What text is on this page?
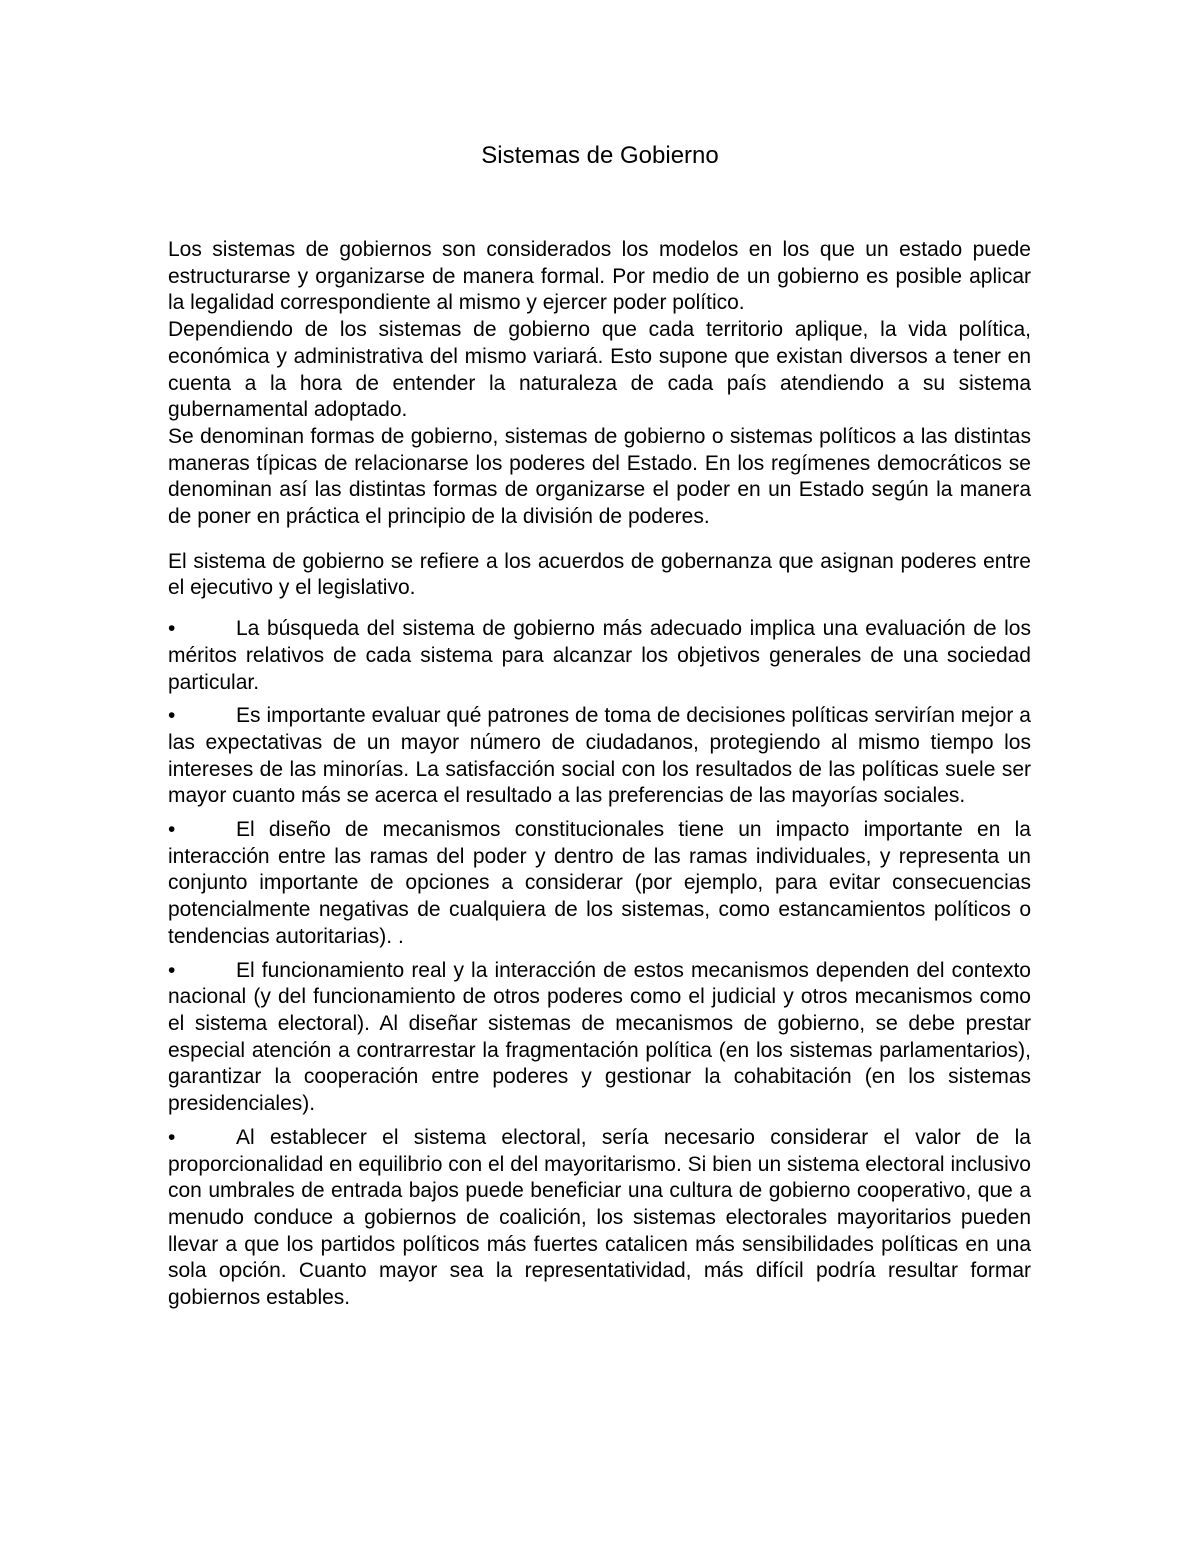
Sistemas de Gobierno

Los sistemas de gobiernos son considerados los modelos en los que un estado puede estructurarse y organizarse de manera formal. Por medio de un gobierno es posible aplicar la legalidad correspondiente al mismo y ejercer poder político.

Dependiendo de los sistemas de gobierno que cada territorio aplique, la vida política, económica y administrativa del mismo variará. Esto supone que existan diversos a tener en cuenta a la hora de entender la naturaleza de cada país atendiendo a su sistema gubernamental adoptado.

Se denominan formas de gobierno, sistemas de gobierno o sistemas políticos a las distintas maneras típicas de relacionarse los poderes del Estado. En los regímenes democráticos se denominan así las distintas formas de organizarse el poder en un Estado según la manera de poner en práctica el principio de la división de poderes.

El sistema de gobierno se refiere a los acuerdos de gobernanza que asignan poderes entre el ejecutivo y el legislativo.

•	La búsqueda del sistema de gobierno más adecuado implica una evaluación de los méritos relativos de cada sistema para alcanzar los objetivos generales de una sociedad particular.
•	Es importante evaluar qué patrones de toma de decisiones políticas servirían mejor a las expectativas de un mayor número de ciudadanos, protegiendo al mismo tiempo los intereses de las minorías. La satisfacción social con los resultados de las políticas suele ser mayor cuanto más se acerca el resultado a las preferencias de las mayorías sociales.
•	El diseño de mecanismos constitucionales tiene un impacto importante en la interacción entre las ramas del poder y dentro de las ramas individuales, y representa un conjunto importante de opciones a considerar (por ejemplo, para evitar consecuencias potencialmente negativas de cualquiera de los sistemas, como estancamientos políticos o tendencias autoritarias). .
•	El funcionamiento real y la interacción de estos mecanismos dependen del contexto nacional (y del funcionamiento de otros poderes como el judicial y otros mecanismos como el sistema electoral). Al diseñar sistemas de mecanismos de gobierno, se debe prestar especial atención a contrarrestar la fragmentación política (en los sistemas parlamentarios), garantizar la cooperación entre poderes y gestionar la cohabitación (en los sistemas presidenciales).
•	Al establecer el sistema electoral, sería necesario considerar el valor de la proporcionalidad en equilibrio con el del mayoritarismo. Si bien un sistema electoral inclusivo con umbrales de entrada bajos puede beneficiar una cultura de gobierno cooperativo, que a menudo conduce a gobiernos de coalición, los sistemas electorales mayoritarios pueden llevar a que los partidos políticos más fuertes catalicen más sensibilidades políticas en una sola opción. Cuanto mayor sea la representatividad, más difícil podría resultar formar gobiernos estables.
